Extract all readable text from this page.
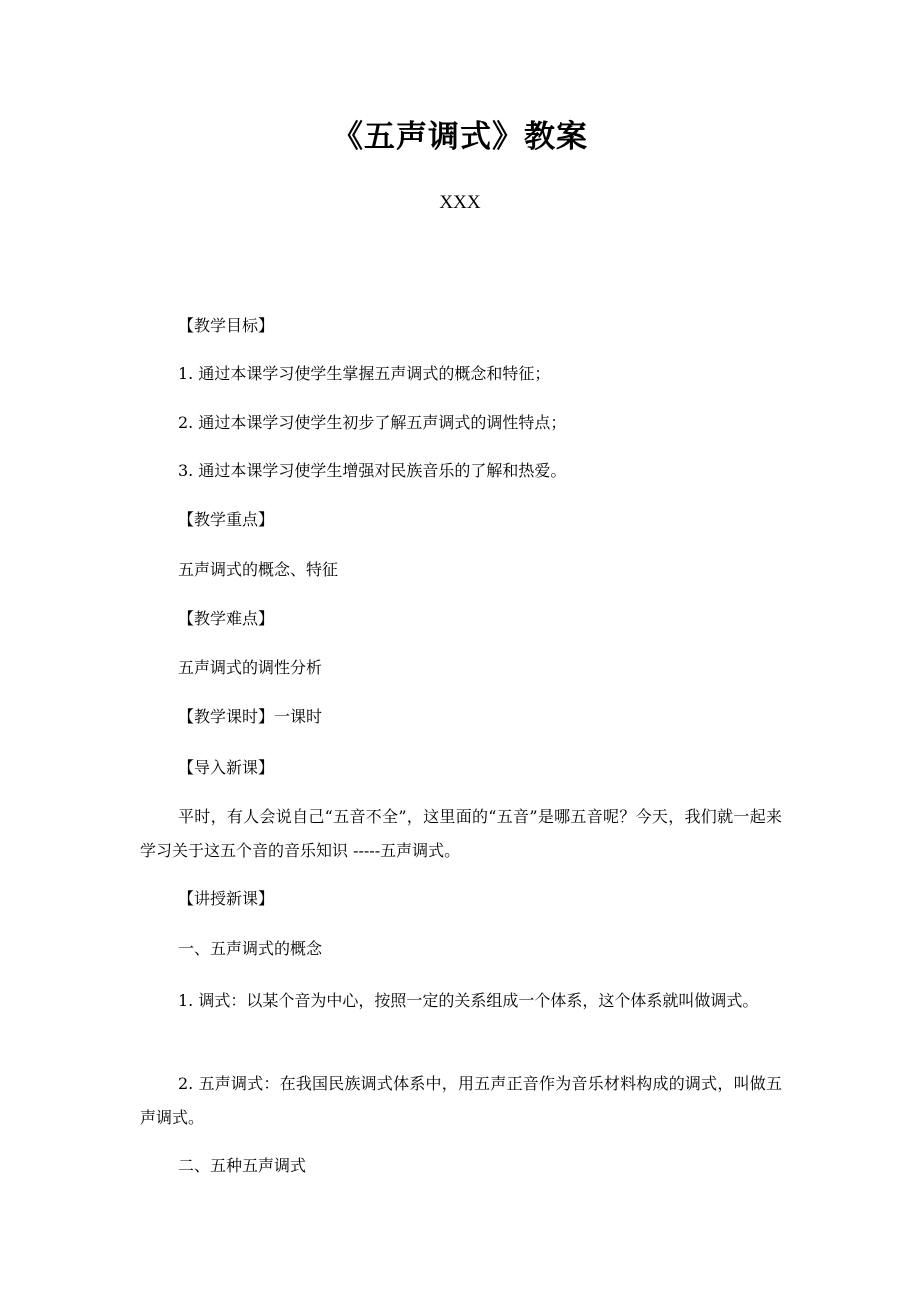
《五声调式》教案
XXX
【教学目标】
1. 通过本课学习使学生掌握五声调式的概念和特征；
2. 通过本课学习使学生初步了解五声调式的调性特点；
3. 通过本课学习使学生增强对民族音乐的了解和热爱。
【教学重点】
五声调式的概念、特征
【教学难点】
五声调式的调性分析
【教学课时】一课时
【导入新课】
平时，有人会说自己“五音不全”，这里面的“五音”是哪五音呢？今天，我们就一起来学习关于这五个音的音乐知识 -----五声调式。
【讲授新课】
一、五声调式的概念
1. 调式：以某个音为中心，按照一定的关系组成一个体系，这个体系就叫做调式。
2. 五声调式：在我国民族调式体系中，用五声正音作为音乐材料构成的调式，叫做五声调式。
二、五种五声调式
